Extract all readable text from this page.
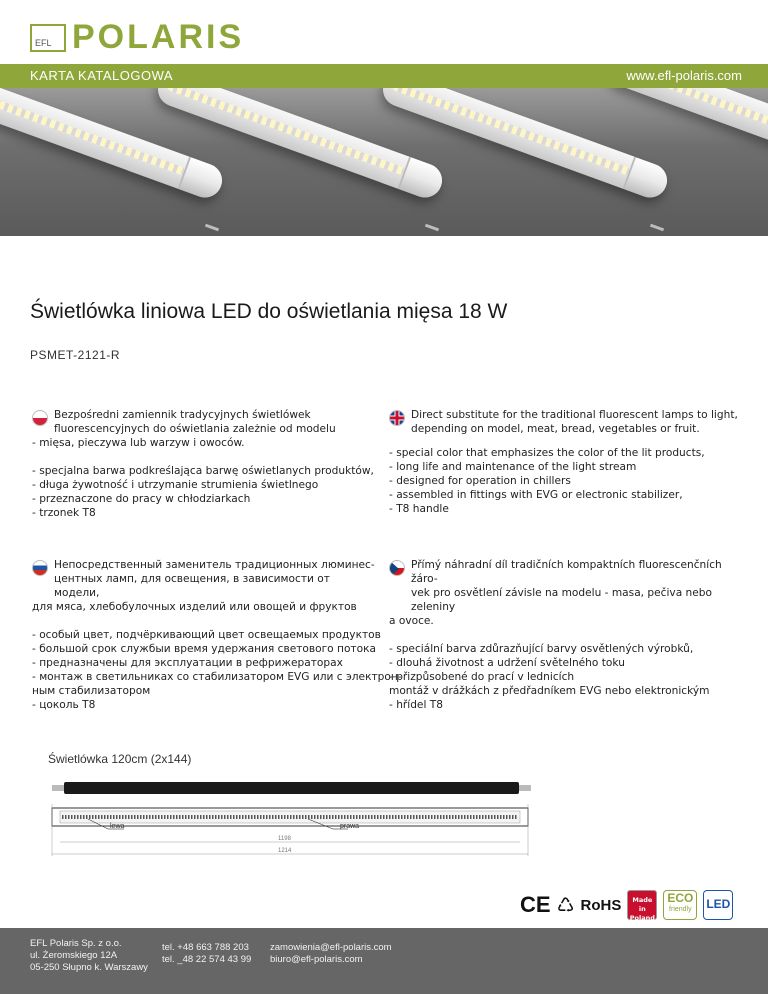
EFL POLARIS
KARTA KATALOGOWA	www.efl-polaris.com
Świetlówka liniowa LED do oświetlania mięsa 18 W
PSMET-2121-R
Bezpośredni zamiennik tradycyjnych świetlówek
fluorescencyjnych do oświetlania zależnie od modelu
- mięsa, pieczywa lub warzyw i owoców.
- specjalna barwa podkreślająca barwę oświetlanych produktów,
- długa żywotność i utrzymanie strumienia świetlnego
- przeznaczone do pracy w chłodziarkach
- trzonek T8
Direct substitute for the traditional fluorescent lamps to light,
depending on model, meat, bread, vegetables or fruit.
- special color that emphasizes the color of the lit products,
- long life and maintenance of the light stream
- designed for operation in chillers
- assembled in fittings with EVG or electronic stabilizer,
- T8 handle
Непосредственный заменитель традиционных люминес-
центных ламп, для освещения, в зависимости от модели,
для мяса, хлебобулочных изделий или овощей и фруктов
- особый цвет, подчёркивающий цвет освещаемых продуктов
- большой срок службыи время удержания светового потока
- предназначены для эксплуатации в рефрижераторах
- монтаж в светильниках со стабилизатором EVG или с электрон-
ным стабилизатором
- цоколь T8
Přímý náhradní díl tradičních kompaktních fluorescenčních žáro-
vek pro osvětlení závisle na modelu - masa, pečiva nebo zeleniny
a ovoce.
- speciální barva zdůrazňující barvy osvětlených výrobků,
- dlouhá životnost a udržení světelného toku
- přizpůsobené do prací v lednicích
montáž v drážkách z předřadníkem EVG nebo elektronickým
- hřídel T8
Świetlówka 120cm (2x144)
lewa	prawa
1198
1214
CE ♺ RoHS	Made in
Poland
ECO
friendly	LED
EFL Polaris Sp. z o.o.
ul. Żeromskiego 12A
05-250 Słupno k. Warszawy
tel. +48 663 788 203
tel. _48 22 574 43 99
zamowienia@efl-polaris.com
biuro@efl-polaris.com
